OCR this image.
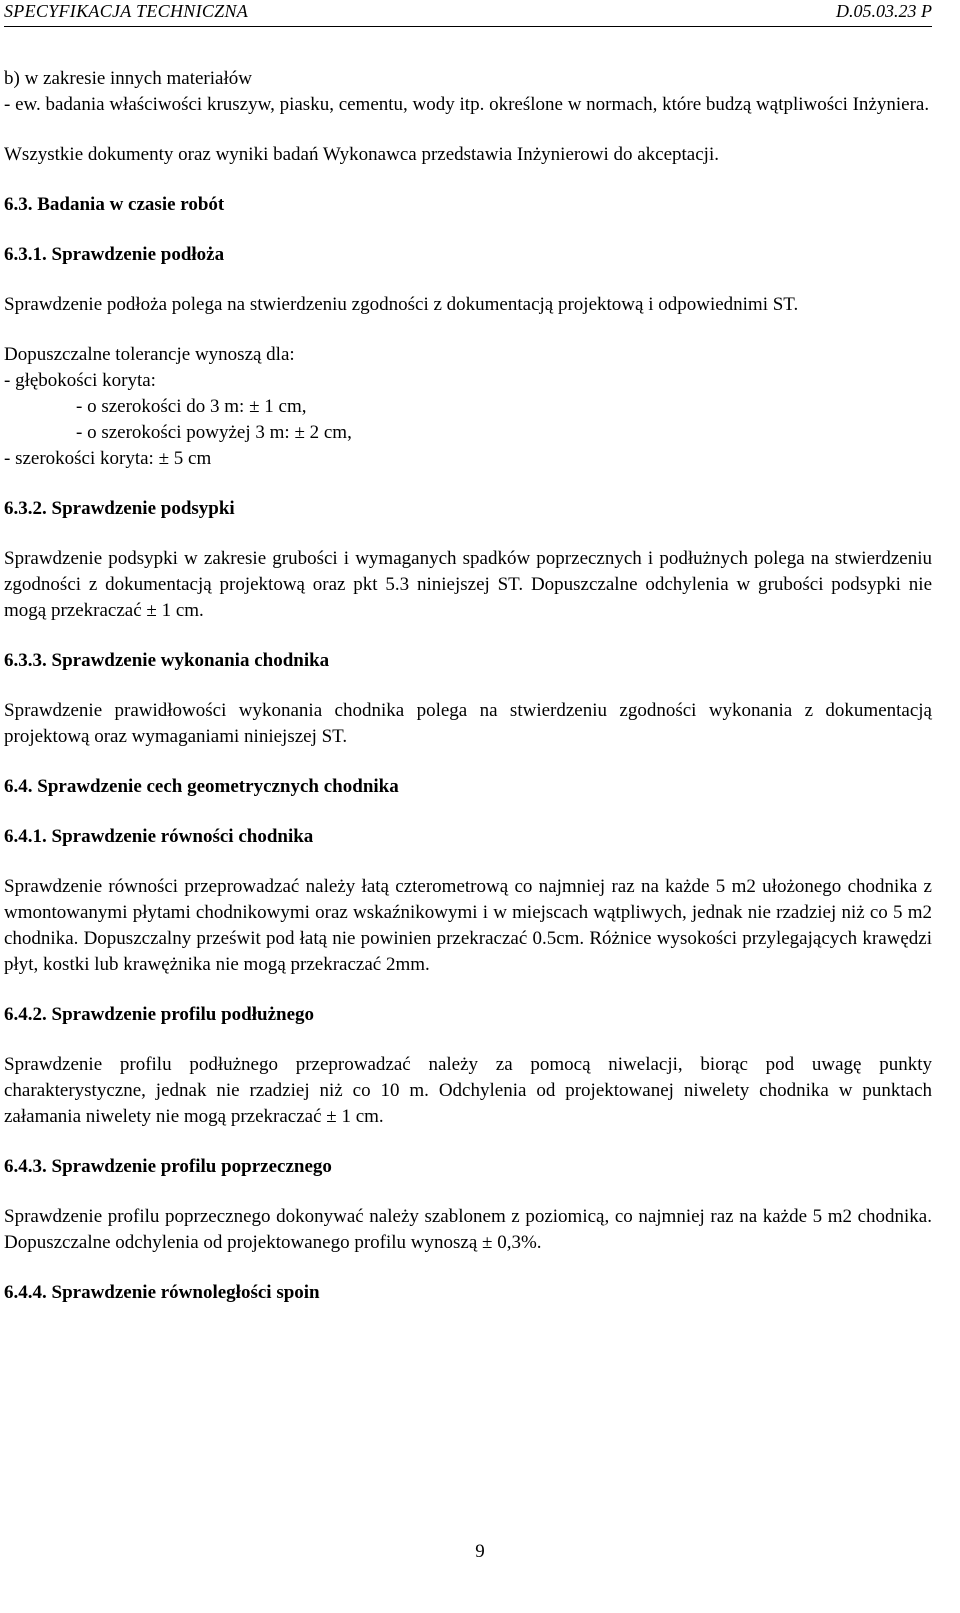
SPECYFIKACJA TECHNICZNA	D.05.03.23 P

b) w zakresie innych materiałów

- ew. badania właściwości kruszyw, piasku, cementu, wody itp. określone w normach, które budzą wątpliwości Inżyniera.

Wszystkie dokumenty oraz wyniki badań Wykonawca przedstawia Inżynierowi do akceptacji.

6.3. Badania w czasie robót

6.3.1. Sprawdzenie podłoża

Sprawdzenie podłoża polega na stwierdzeniu zgodności z dokumentacją projektową i odpowiednimi ST.

Dopuszczalne tolerancje wynoszą dla:

- głębokości koryta:

- o szerokości do 3 m: ± 1 cm,

- o szerokości powyżej 3 m: ± 2 cm,

- szerokości koryta: ± 5 cm

6.3.2. Sprawdzenie podsypki

Sprawdzenie podsypki w zakresie grubości i wymaganych spadków poprzecznych i podłużnych polega na stwierdzeniu zgodności z dokumentacją projektową oraz pkt 5.3 niniejszej ST. Dopuszczalne odchylenia w grubości podsypki nie mogą przekraczać ± 1 cm.

6.3.3. Sprawdzenie wykonania chodnika

Sprawdzenie prawidłowości wykonania chodnika polega na stwierdzeniu zgodności wykonania z dokumentacją projektową oraz wymaganiami niniejszej ST.

6.4. Sprawdzenie cech geometrycznych chodnika

6.4.1. Sprawdzenie równości chodnika

Sprawdzenie równości przeprowadzać należy łatą czterometrową co najmniej raz na każde 5 m2 ułożonego chodnika z wmontowanymi płytami chodnikowymi oraz wskaźnikowymi i w miejscach wątpliwych, jednak nie rzadziej niż co 5 m2 chodnika. Dopuszczalny prześwit pod łatą nie powinien przekraczać 0.5cm. Różnice wysokości przylegających krawędzi płyt, kostki lub krawężnika nie mogą przekraczać 2mm.

6.4.2. Sprawdzenie profilu podłużnego

Sprawdzenie profilu podłużnego przeprowadzać należy za pomocą niwelacji, biorąc pod uwagę punkty charakterystyczne, jednak nie rzadziej niż co 10 m. Odchylenia od projektowanej niwelety chodnika w punktach załamania niwelety nie mogą przekraczać ± 1 cm.

6.4.3. Sprawdzenie profilu poprzecznego

Sprawdzenie profilu poprzecznego dokonywać należy szablonem z poziomicą, co najmniej raz na każde 5 m2 chodnika. Dopuszczalne odchylenia od projektowanego profilu wynoszą ± 0,3%.

6.4.4. Sprawdzenie równoległości spoin

9
